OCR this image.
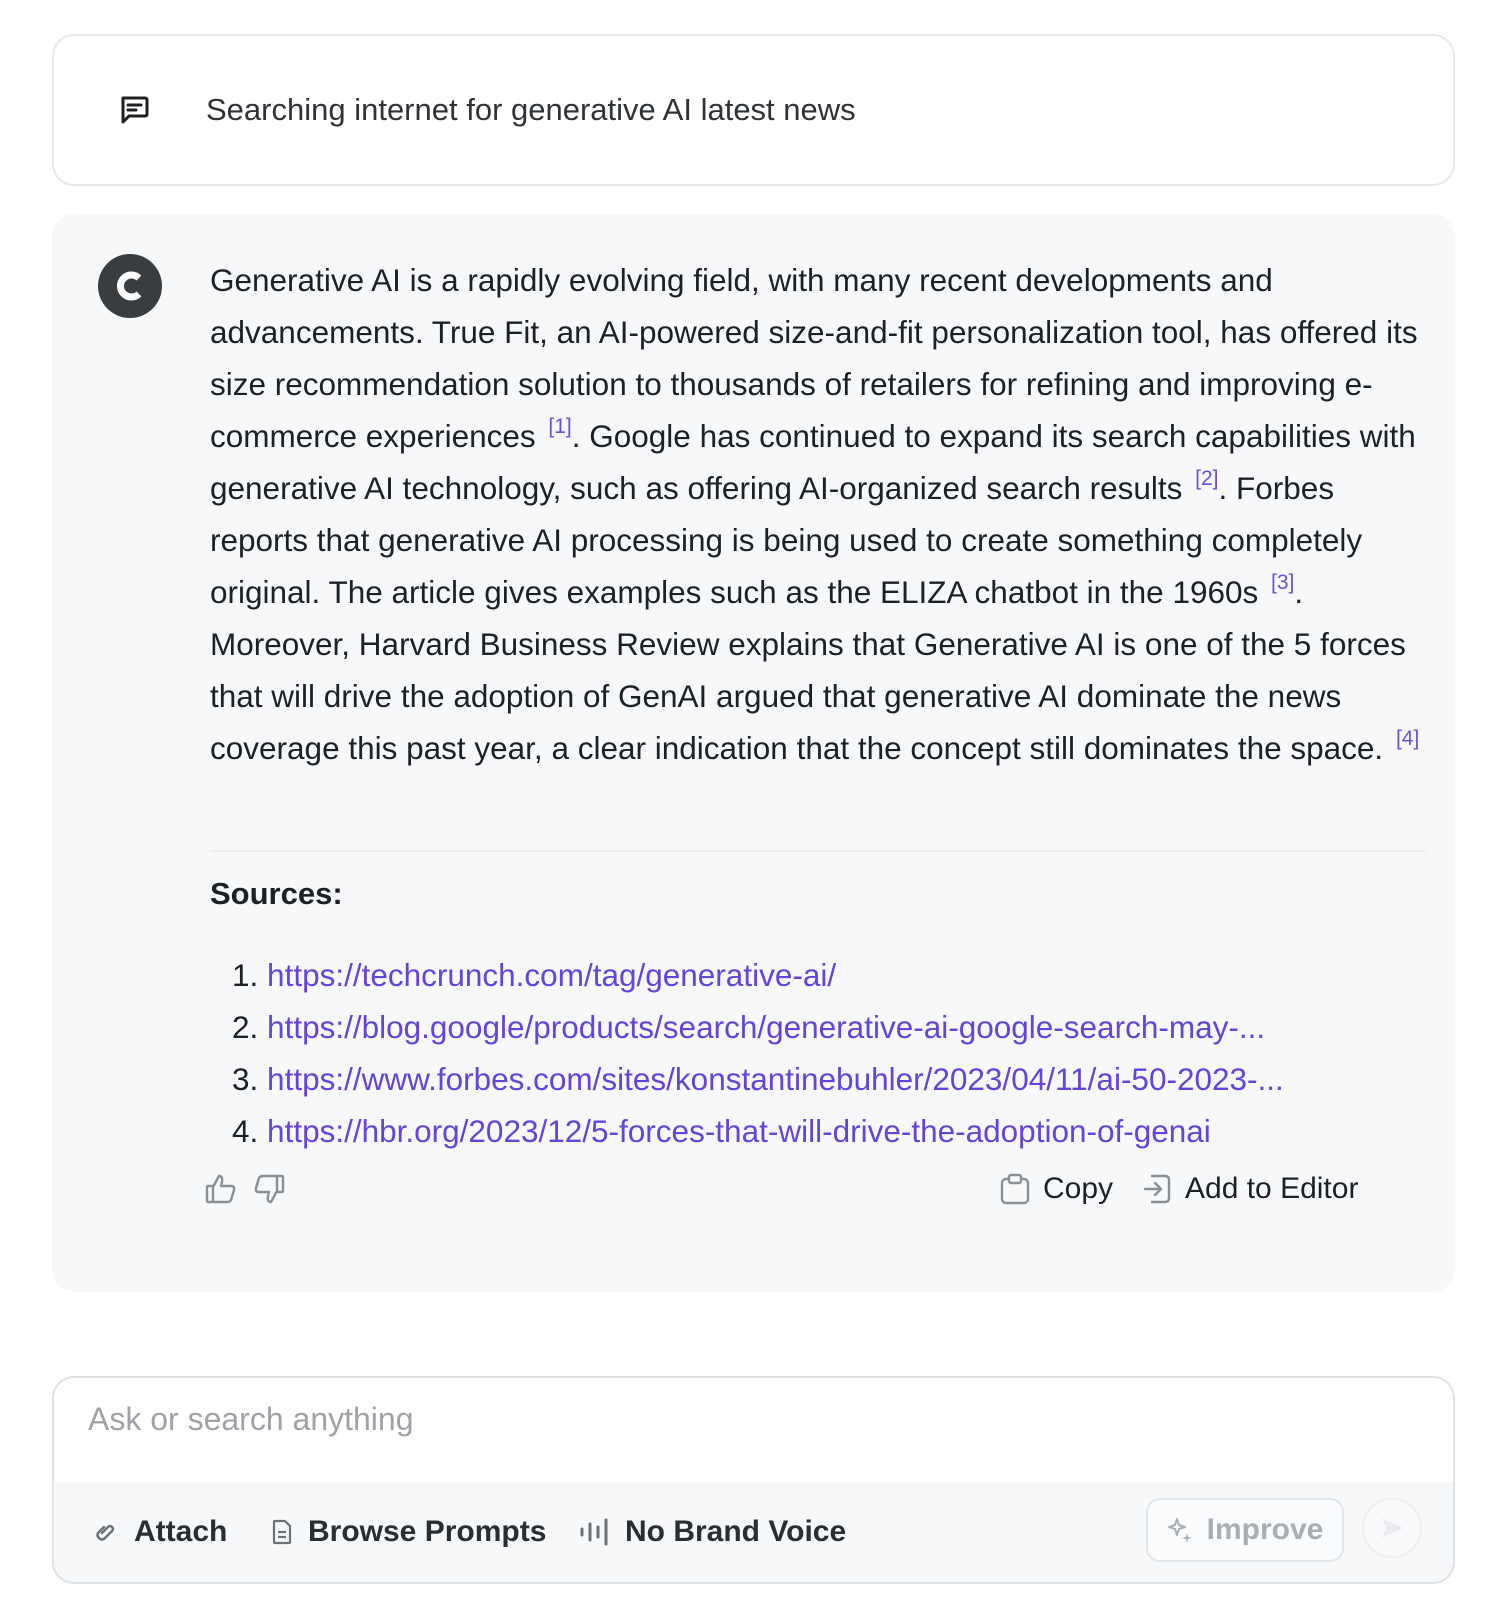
Searching internet for generative AI latest news

Generative AI is a rapidly evolving field, with many recent developments and advancements. True Fit, an AI-powered size-and-fit personalization tool, has offered its size recommendation solution to thousands of retailers for refining and improving e-commerce experiences [1]. Google has continued to expand its search capabilities with generative AI technology, such as offering AI-organized search results [2]. Forbes reports that generative AI processing is being used to create something completely original. The article gives examples such as the ELIZA chatbot in the 1960s [3]. Moreover, Harvard Business Review explains that Generative AI is one of the 5 forces that will drive the adoption of GenAI argued that generative AI dominate the news coverage this past year, a clear indication that the concept still dominates the space. [4]

Sources:
1. https://techcrunch.com/tag/generative-ai/
2. https://blog.google/products/search/generative-ai-google-search-may-...
3. https://www.forbes.com/sites/konstantinebuhler/2023/04/11/ai-50-2023-...
4. https://hbr.org/2023/12/5-forces-that-will-drive-the-adoption-of-genai
Copy Add to Editor
Ask or search anything
Attach	Browse Prompts	No Brand Voice	Improve
